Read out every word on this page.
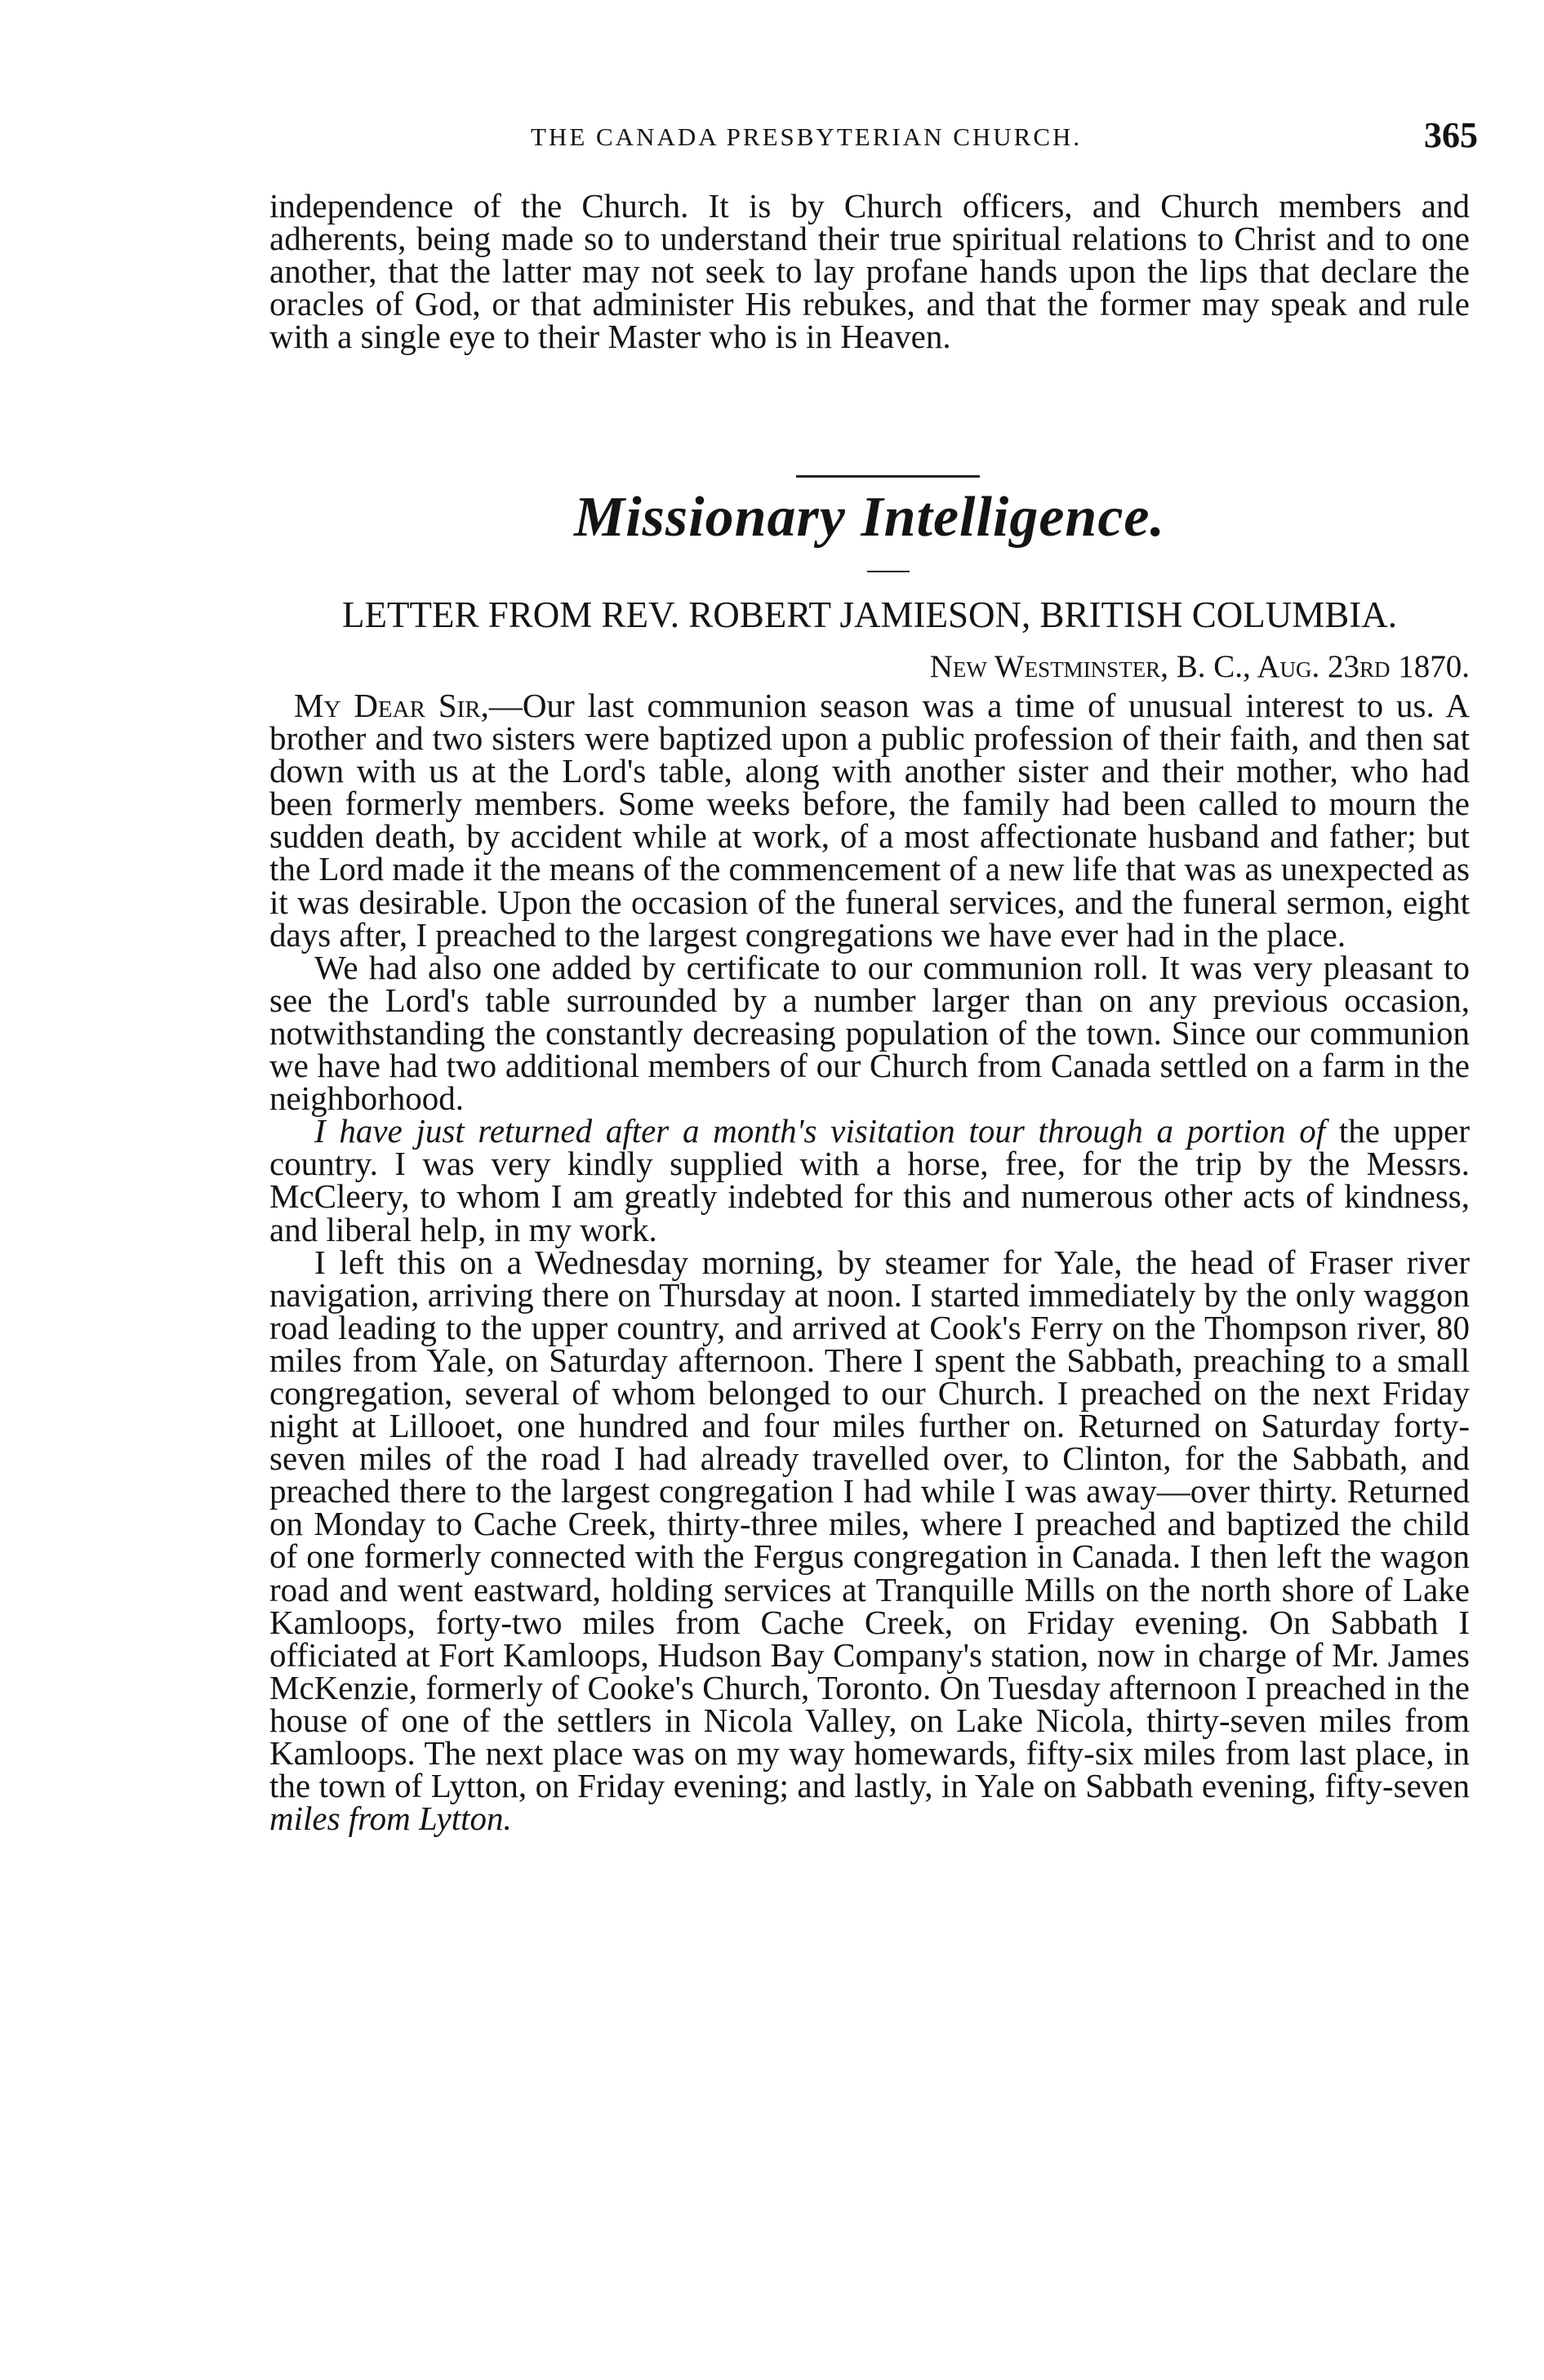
THE CANADA PRESBYTERIAN CHURCH.	365

independence of the Church. It is by Church officers, and Church members and adherents, being made so to understand their true spiritual relations to Christ and to one another, that the latter may not seek to lay profane hands upon the lips that declare the oracles of God, or that administer His rebukes, and that the former may speak and rule with a single eye to their Master who is in Heaven.

Missionary Intelligence.
LETTER FROM REV. ROBERT JAMIESON, BRITISH COLUMBIA.
New Westminster, B. C., Aug. 23rd 1870.

My Dear Sir,—Our last communion season was a time of unusual interest to us. A brother and two sisters were baptized upon a public profession of their faith, and then sat down with us at the Lord's table, along with another sister and their mother, who had been formerly members. Some weeks before, the family had been called to mourn the sudden death, by accident while at work, of a most affectionate husband and father; but the Lord made it the means of the commencement of a new life that was as unexpected as it was desirable. Upon the occasion of the funeral services, and the funeral sermon, eight days after, I preached to the largest congregations we have ever had in the place.

We had also one added by certificate to our communion roll. It was very pleasant to see the Lord's table surrounded by a number larger than on any previous occasion, notwithstanding the constantly decreasing population of the town. Since our communion we have had two additional members of our Church from Canada settled on a farm in the neighborhood.

I have just returned after a month's visitation tour through a portion of the upper country. I was very kindly supplied with a horse, free, for the trip by the Messrs. McCleery, to whom I am greatly indebted for this and numerous other acts of kindness, and liberal help, in my work.

I left this on a Wednesday morning, by steamer for Yale, the head of Fraser river navigation, arriving there on Thursday at noon. I started immediately by the only waggon road leading to the upper country, and arrived at Cook's Ferry on the Thompson river, 80 miles from Yale, on Saturday afternoon. There I spent the Sabbath, preaching to a small congregation, several of whom belonged to our Church. I preached on the next Friday night at Lillooet, one hundred and four miles further on. Returned on Saturday forty-seven miles of the road I had already travelled over, to Clinton, for the Sabbath, and preached there to the largest congregation I had while I was away—over thirty. Returned on Monday to Cache Creek, thirty-three miles, where I preached and baptized the child of one formerly connected with the Fergus congregation in Canada. I then left the wagon road and went eastward, holding services at Tranquille Mills on the north shore of Lake Kamloops, forty-two miles from Cache Creek, on Friday evening. On Sabbath I officiated at Fort Kamloops, Hudson Bay Company's station, now in charge of Mr. James McKenzie, formerly of Cooke's Church, Toronto. On Tuesday afternoon I preached in the house of one of the settlers in Nicola Valley, on Lake Nicola, thirty-seven miles from Kamloops. The next place was on my way homewards, fifty-six miles from last place, in the town of Lytton, on Friday evening; and lastly, in Yale on Sabbath evening, fifty-seven miles from Lytton.
